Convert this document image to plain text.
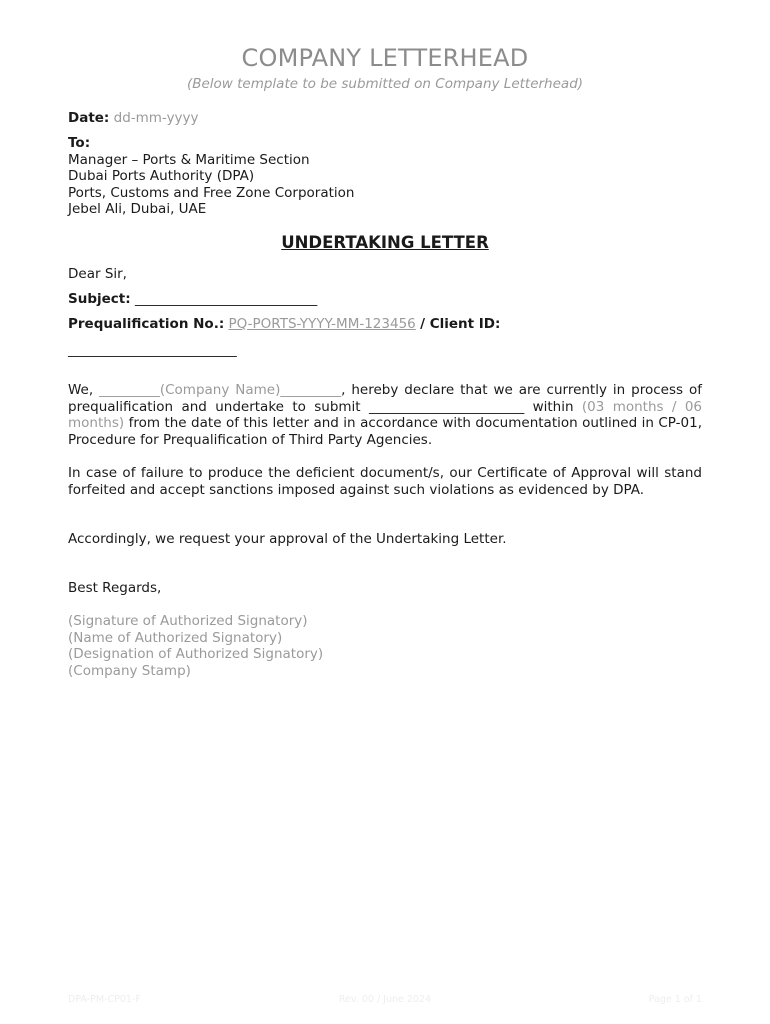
COMPANY LETTERHEAD
(Below template to be submitted on Company Letterhead)
Date: dd-mm-yyyy
To:
Manager – Ports & Maritime Section
Dubai Ports Authority (DPA)
Ports, Customs and Free Zone Corporation
Jebel Ali, Dubai, UAE
UNDERTAKING LETTER
Dear Sir,
Subject: ___________________________
Prequalification No.: PQ-PORTS-YYYY-MM-123456 / Client ID:
_________________________
We, _________(Company Name)_________, hereby declare that we are currently in process of prequalification and undertake to submit _______________________ within (03 months / 06 months) from the date of this letter and in accordance with documentation outlined in CP-01, Procedure for Prequalification of Third Party Agencies.
In case of failure to produce the deficient document/s, our Certificate of Approval will stand forfeited and accept sanctions imposed against such violations as evidenced by DPA.
Accordingly, we request your approval of the Undertaking Letter.
Best Regards,
(Signature of Authorized Signatory)
(Name of Authorized Signatory)
(Designation of Authorized Signatory)
(Company Stamp)
DPA-PM-CP01-F	Rev. 00 / June 2024	Page 1 of 1
